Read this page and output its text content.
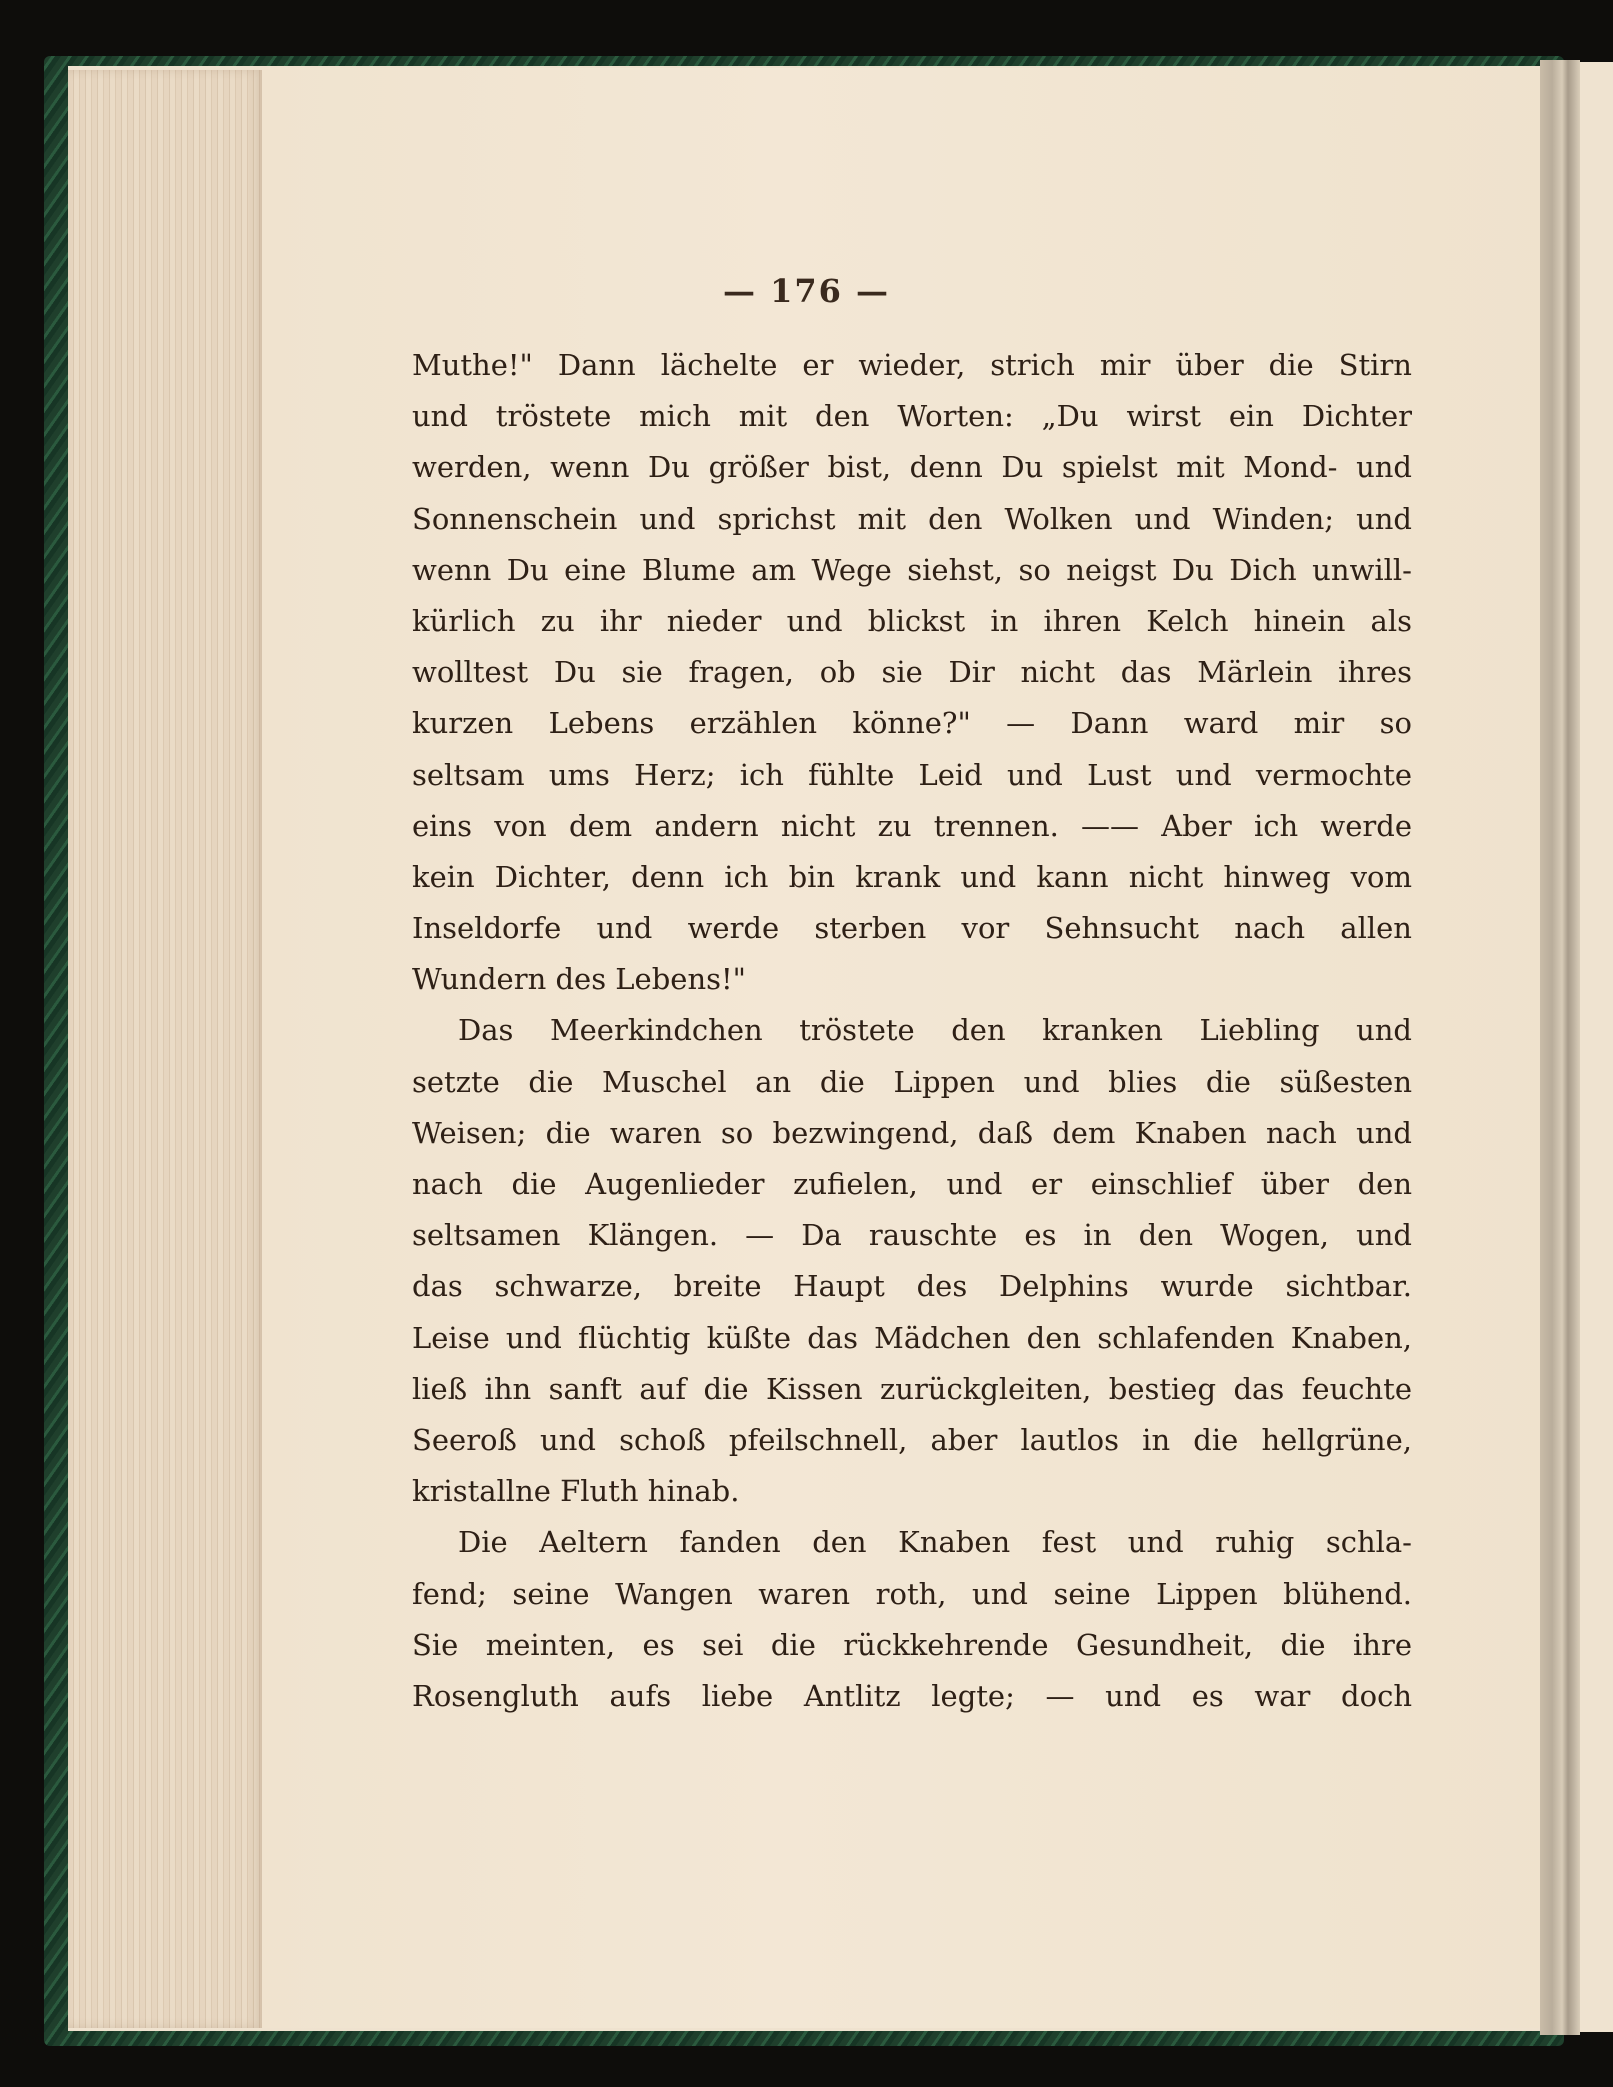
— 176 —
Muthe!" Dann lächelte er wieder, strich mir über die Stirn
und tröstete mich mit den Worten: „Du wirst ein Dichter
werden, wenn Du größer bist, denn Du spielst mit Mond- und
Sonnenschein und sprichst mit den Wolken und Winden; und
wenn Du eine Blume am Wege siehst, so neigst Du Dich unwill-
kürlich zu ihr nieder und blickst in ihren Kelch hinein als
wolltest Du sie fragen, ob sie Dir nicht das Märlein ihres
kurzen Lebens erzählen könne?" — Dann ward mir so
seltsam ums Herz; ich fühlte Leid und Lust und vermochte
eins von dem andern nicht zu trennen. —— Aber ich werde
kein Dichter, denn ich bin krank und kann nicht hinweg vom
Inseldorfe und werde sterben vor Sehnsucht nach allen
Wundern des Lebens!"
Das Meerkindchen tröstete den kranken Liebling und
setzte die Muschel an die Lippen und blies die süßesten
Weisen; die waren so bezwingend, daß dem Knaben nach und
nach die Augenlieder zufielen, und er einschlief über den
seltsamen Klängen. — Da rauschte es in den Wogen, und
das schwarze, breite Haupt des Delphins wurde sichtbar.
Leise und flüchtig küßte das Mädchen den schlafenden Knaben,
ließ ihn sanft auf die Kissen zurückgleiten, bestieg das feuchte
Seeroß und schoß pfeilschnell, aber lautlos in die hellgrüne,
kristallne Fluth hinab.
Die Aeltern fanden den Knaben fest und ruhig schla-
fend; seine Wangen waren roth, und seine Lippen blühend.
Sie meinten, es sei die rückkehrende Gesundheit, die ihre
Rosengluth aufs liebe Antlitz legte; — und es war doch
